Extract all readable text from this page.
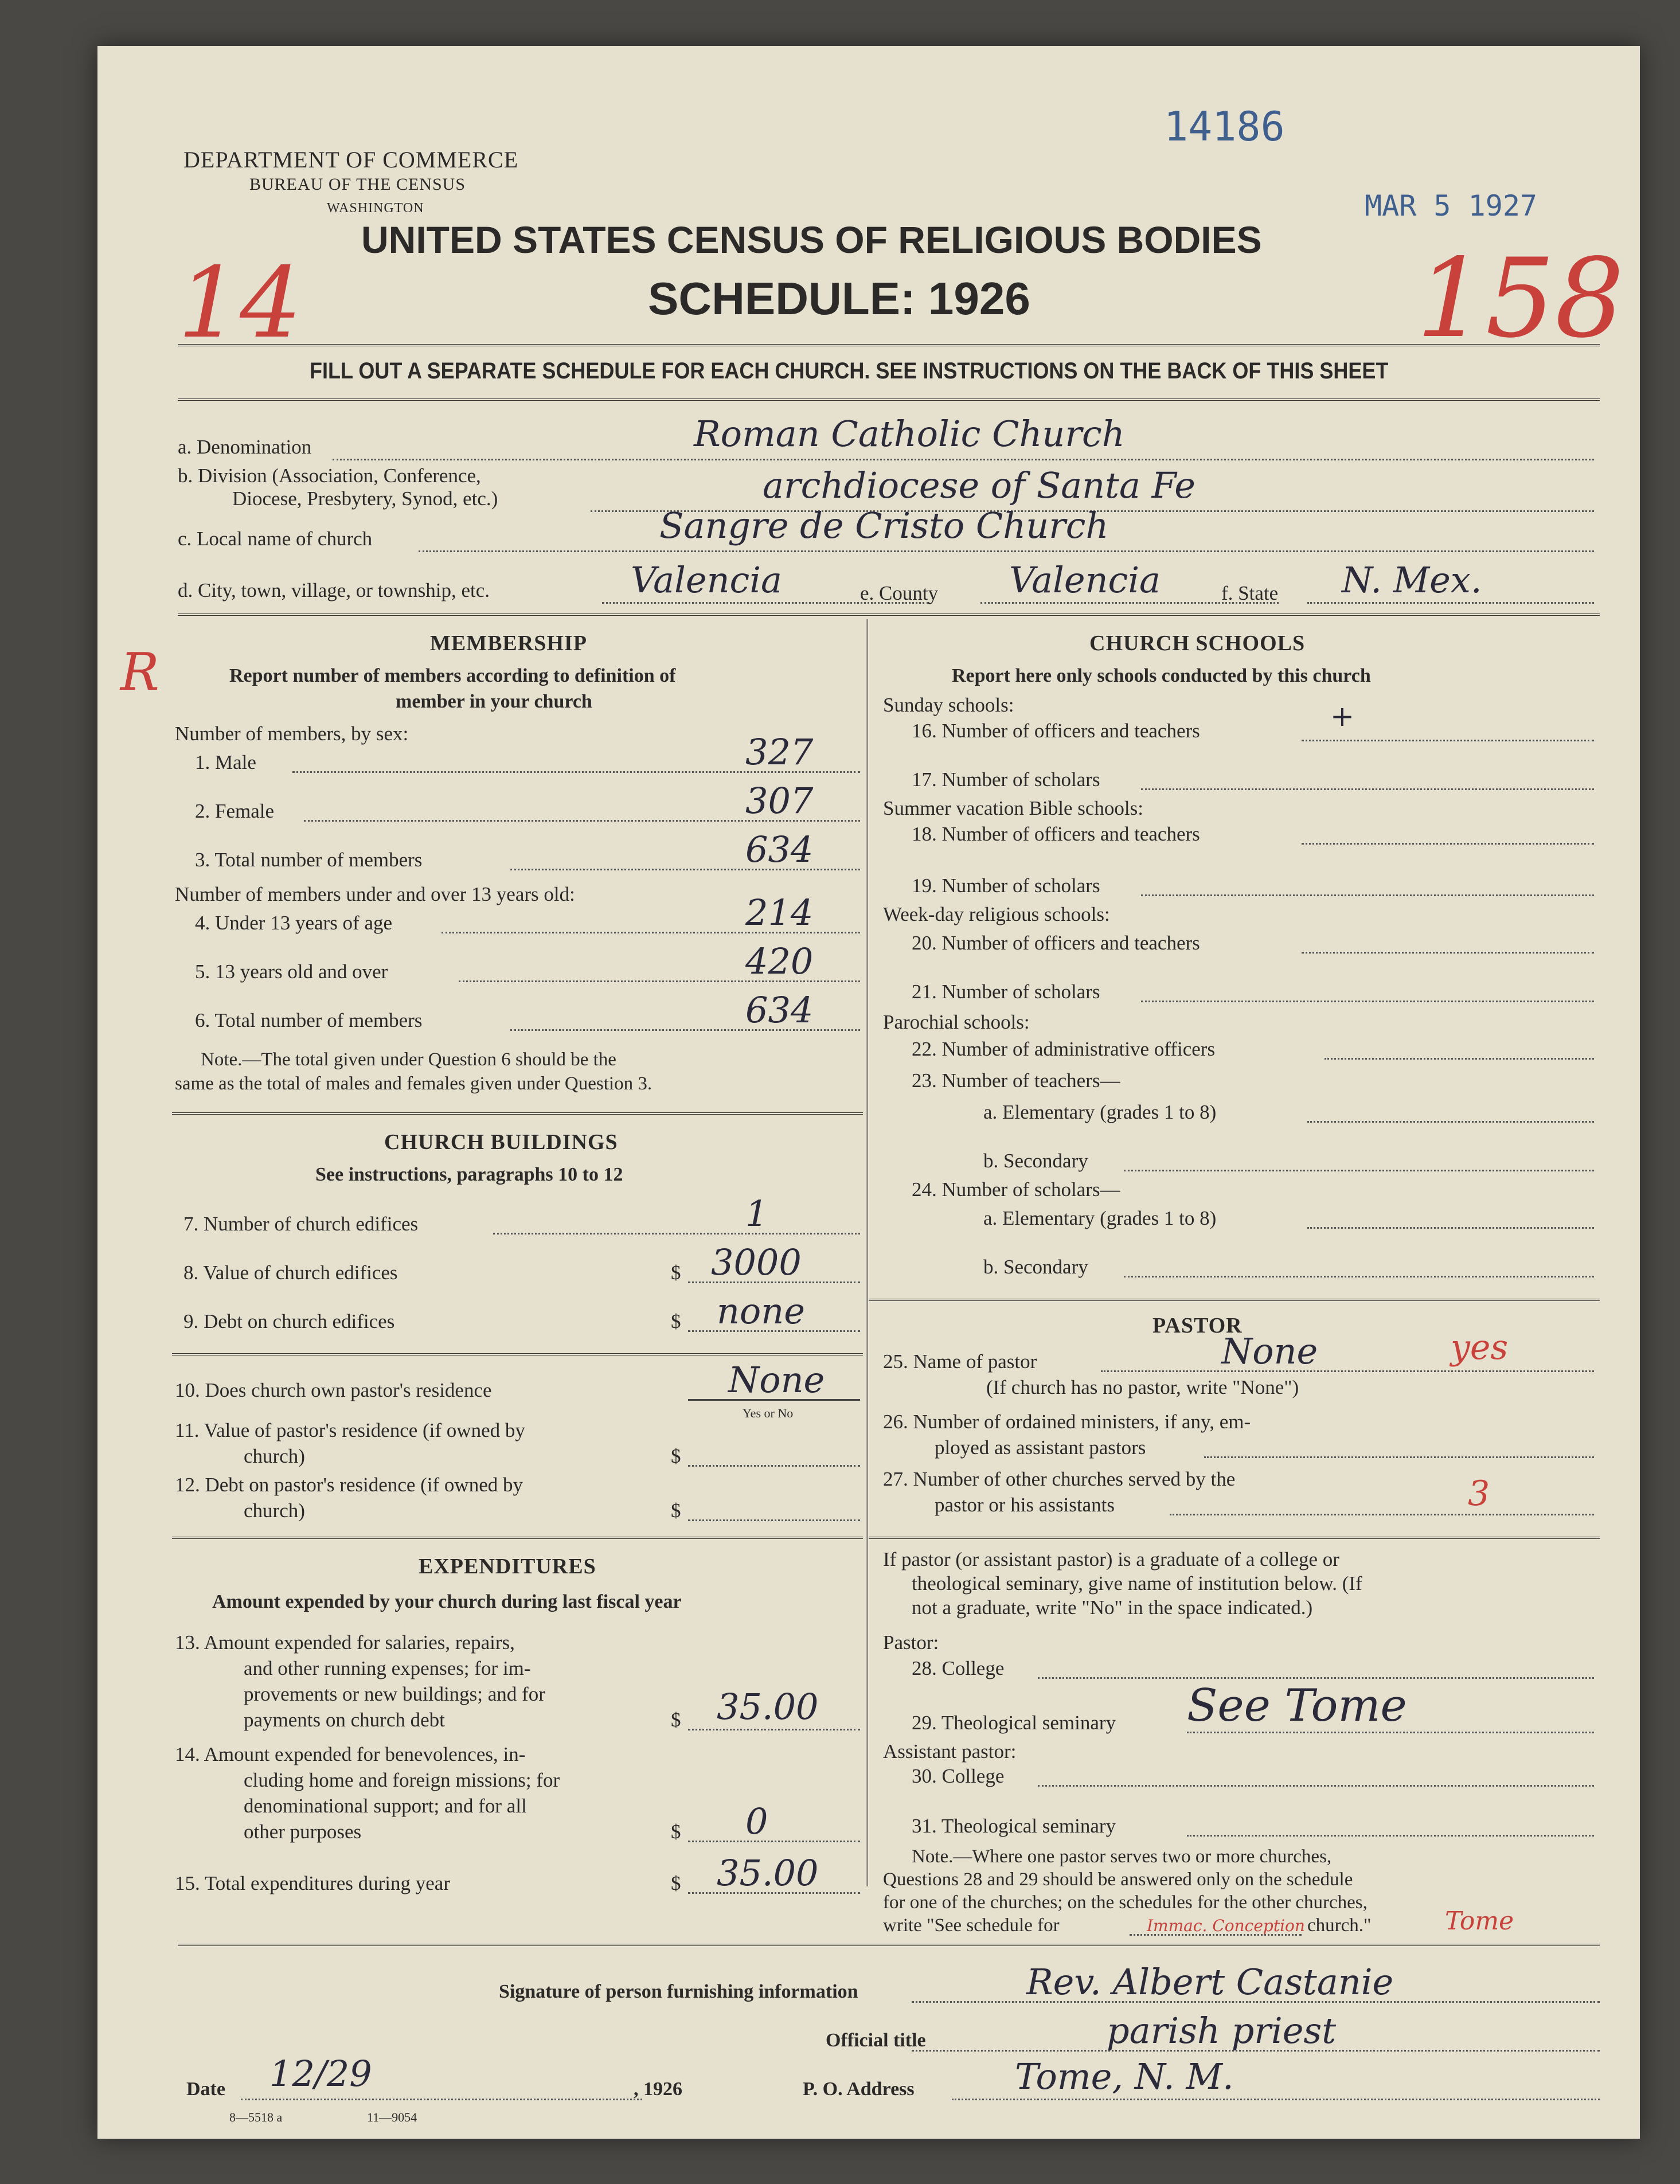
DEPARTMENT OF COMMERCE
BUREAU OF THE CENSUS
WASHINGTON
14186
MAR 5 1927
14	158
UNITED STATES CENSUS OF RELIGIOUS BODIES
SCHEDULE: 1926
FILL OUT A SEPARATE SCHEDULE FOR EACH CHURCH. SEE INSTRUCTIONS ON THE BACK OF THIS SHEET
a. Denomination	Roman Catholic Church
b. Division (Association, Conference,
Diocese, Presbytery, Synod, etc.)	archdiocese of Santa Fe
c. Local name of church	Sangre de Cristo Church
d. City, town, village, or township, etc.	Valencia	e. County Valencia	f. State N. Mex.
R	MEMBERSHIP
Report number of members according to definition of
member in your church
Number of members, by sex:
1. Male	327
2. Female	307
3. Total number of members	634
Number of members under and over 13 years old:
4. Under 13 years of age	214
5. 13 years old and over	420
6. Total number of members	634
Note.—The total given under Question 6 should be the
same as the total of males and females given under Question 3.
CHURCH BUILDINGS
See instructions, paragraphs 10 to 12
7. Number of church edifices	1
8. Value of church edifices	$ 3000
9. Debt on church edifices	$ none
10. Does church own pastor's residence	None
Yes or No
11. Value of pastor's residence (if owned by
church)	$
12. Debt on pastor's residence (if owned by
church)	$
EXPENDITURES
Amount expended by your church during last fiscal year
13. Amount expended for salaries, repairs,
and other running expenses; for im-
provements or new buildings; and for
payments on church debt	$ 35.00
14. Amount expended for benevolences, in-
cluding home and foreign missions; for
denominational support; and for all
other purposes	$ 0
15. Total expenditures during year	$ 35.00
CHURCH SCHOOLS
Report here only schools conducted by this church
Sunday schools:
16. Number of officers and teachers	+
17. Number of scholars
Summer vacation Bible schools:
18. Number of officers and teachers
19. Number of scholars
Week-day religious schools:
20. Number of officers and teachers
21. Number of scholars
Parochial schools:
22. Number of administrative officers
23. Number of teachers—
a. Elementary (grades 1 to 8)
b. Secondary
24. Number of scholars—
a. Elementary (grades 1 to 8)
b. Secondary
PASTOR
25. Name of pastor	None	yes
(If church has no pastor, write "None")
26. Number of ordained ministers, if any, em-
ployed as assistant pastors
27. Number of other churches served by the
pastor or his assistants	3
If pastor (or assistant pastor) is a graduate of a college or
theological seminary, give name of institution below. (If
not a graduate, write "No" in the space indicated.)
Pastor:
28. College
29. Theological seminary See Tome
Assistant pastor:
30. College
31. Theological seminary
Note.—Where one pastor serves two or more churches,
Questions 28 and 29 should be answered only on the schedule
for one of the churches; on the schedules for the other churches,
write "See schedule for	Immac. Conception church."	Tome
Signature of person furnishing information	Rev. Albert Castanie
Official title	parish priest
Date 12/29	, 1926	P. O. Address	Tome, N. M.
8—5518 a	11—9054
